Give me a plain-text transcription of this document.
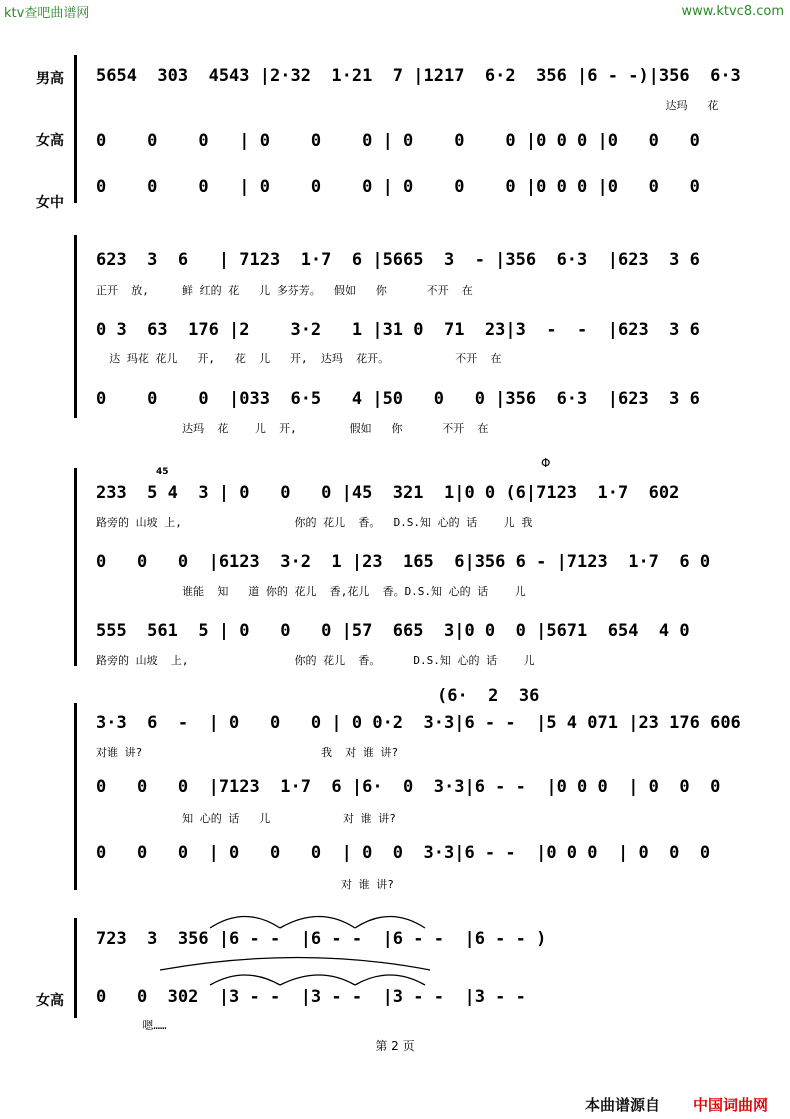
ktv查吧曲谱网	www.ktvc8.com
男高
女高
女中
5654  303  4543 |2·32  1·21  7 |1217  6·2  356 |6 - -)|356  6·3
达玛   花
0    0    0   | 0    0    0 | 0    0    0 |0 0 0 |0   0   0
0    0    0   | 0    0    0 | 0    0    0 |0 0 0 |0   0   0
623  3  6   | 7123  1·7  6 |5665  3  - |356  6·3  |623  3 6
正开  放,     鲜 红的 花   儿 多芬芳。  假如   你      不开  在
0 3  63  176 |2    3·2   1 |31 0  71  23|3  -  -  |623  3 6
达 玛花 花儿   开,   花  儿   开,  达玛  花开。          不开  在
0    0    0  |033  6·5   4 |50   0   0 |356  6·3  |623  3 6
达玛  花    儿  开,        假如   你      不开  在
45
Φ
233  5 4  3 | 0   0   0 |45  321  1|0 0 (6|7123  1·7  602
路旁的 山坡 上,                 你的 花儿  香。  D.S.知 心的 话    儿 我
0   0   0  |6123  3·2  1 |23  165  6|356 6 - |7123  1·7  6 0
谁能  知   道 你的 花儿  香,花儿  香。D.S.知 心的 话    儿
555  561  5 | 0   0   0 |57  665  3|0 0  0 |5671  654  4 0
路旁的 山坡  上,                你的 花儿  香。     D.S.知 心的 话    儿
(6·  2  36
3·3  6  -  | 0   0   0 | 0 0·2  3·3|6 - -  |5 4 071 |23 176 606
对谁 讲?                           我  对 谁 讲?
0   0   0  |7123  1·7  6 |6·  0  3·3|6 - -  |0 0 0  | 0  0  0
知 心的 话   儿           对 谁 讲?
0   0   0  | 0   0   0  | 0  0  3·3|6 - -  |0 0 0  | 0  0  0
对 谁 讲?
723  3  356 |6 - -  |6 - -  |6 - -  |6 - - )
女高 0   0  302  |3 - -  |3 - -  |3 - -  |3 - -
嗯……
第 2 页
本曲谱源自 中国词曲网
